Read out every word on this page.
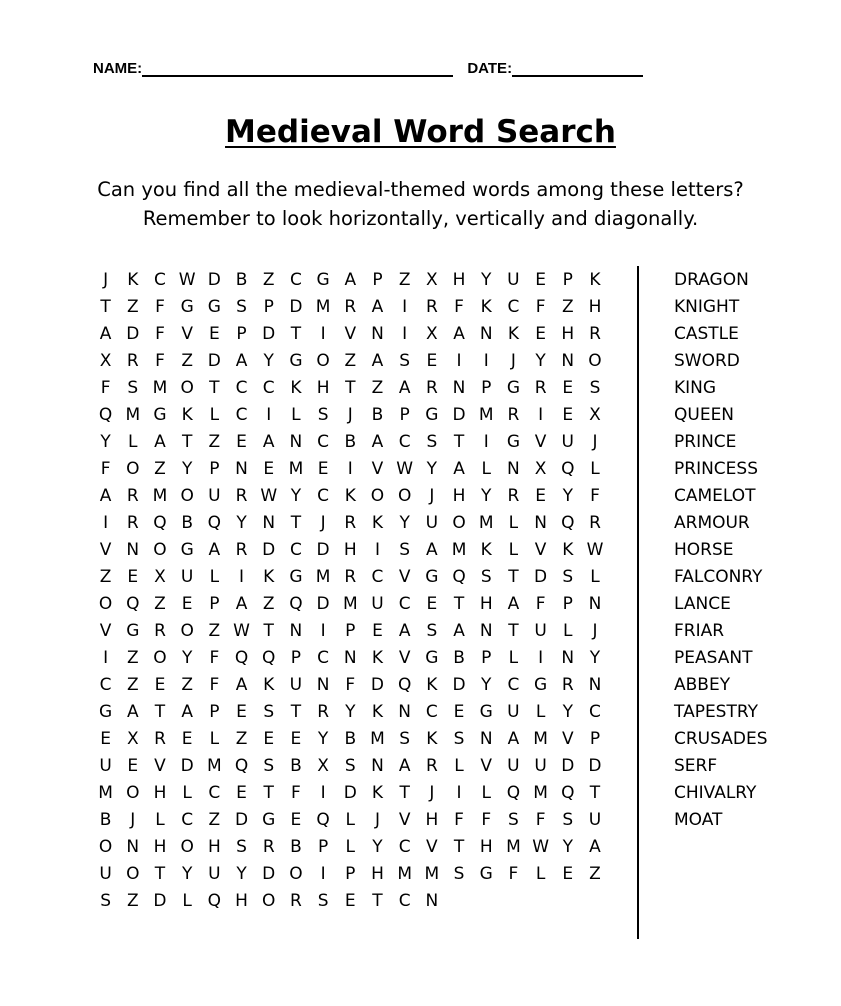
NAME:	DATE:
Medieval Word Search
Can you find all the medieval-themed words among these letters?
Remember to look horizontally, vertically and diagonally.
J	K C W D B Z C G A P Z X H Y U E P K
T Z F G G S P D M R A	I	R F K C F Z H
A D F V E P D T	I	V N	I	X A N K E H R
X R F Z D A Y G O Z A S E	I	I	J	Y N O
F S M O T C C K H T Z A R N P G R E S
Q M G K L C	I	L	S	J	B P G D M R	I	E X
Y	L A T Z E A N C B A C S T	I	G V U	J
F O Z Y P N E M E	I	V W Y A L N X Q L
A R M O U R W Y C K O O	J	H Y R E Y	F
I	R Q B Q Y N T	J	R K Y U O M L N Q R
V N O G A R D C D H	I	S A M K L V K W
Z E X U L	I	K G M R C V G Q S T D S	L
O Q Z E P A Z Q D M U C E T H A F	P N
V G R O Z W T N	I	P E A S A N T U L	J
I	Z O Y	F Q Q P C N K V G B P	L	I	N Y
C Z E Z F A K U N F D Q K D Y C G R N
G A T A P E S T R Y K N C E G U L	Y C
E X R E	L Z E E Y B M S K S N A M V P
U E V D M Q S B X S N A R L V U U D D
M O H L C E T	F	I	D K T	J	I	L Q M Q T
B	J	L C Z D G E Q L	J	V H F	F S F S U
O N H O H S R B P	L	Y C V T H M W Y A
U O T Y U Y D O	I	P H M M S G F	L	E Z
S Z D L Q H O R S E T C N
DRAGON
KNIGHT
CASTLE
SWORD
KING
QUEEN
PRINCE
PRINCESS
CAMELOT
ARMOUR
HORSE
FALCONRY
LANCE
FRIAR
PEASANT
ABBEY
TAPESTRY
CRUSADES
SERF
CHIVALRY
MOAT
